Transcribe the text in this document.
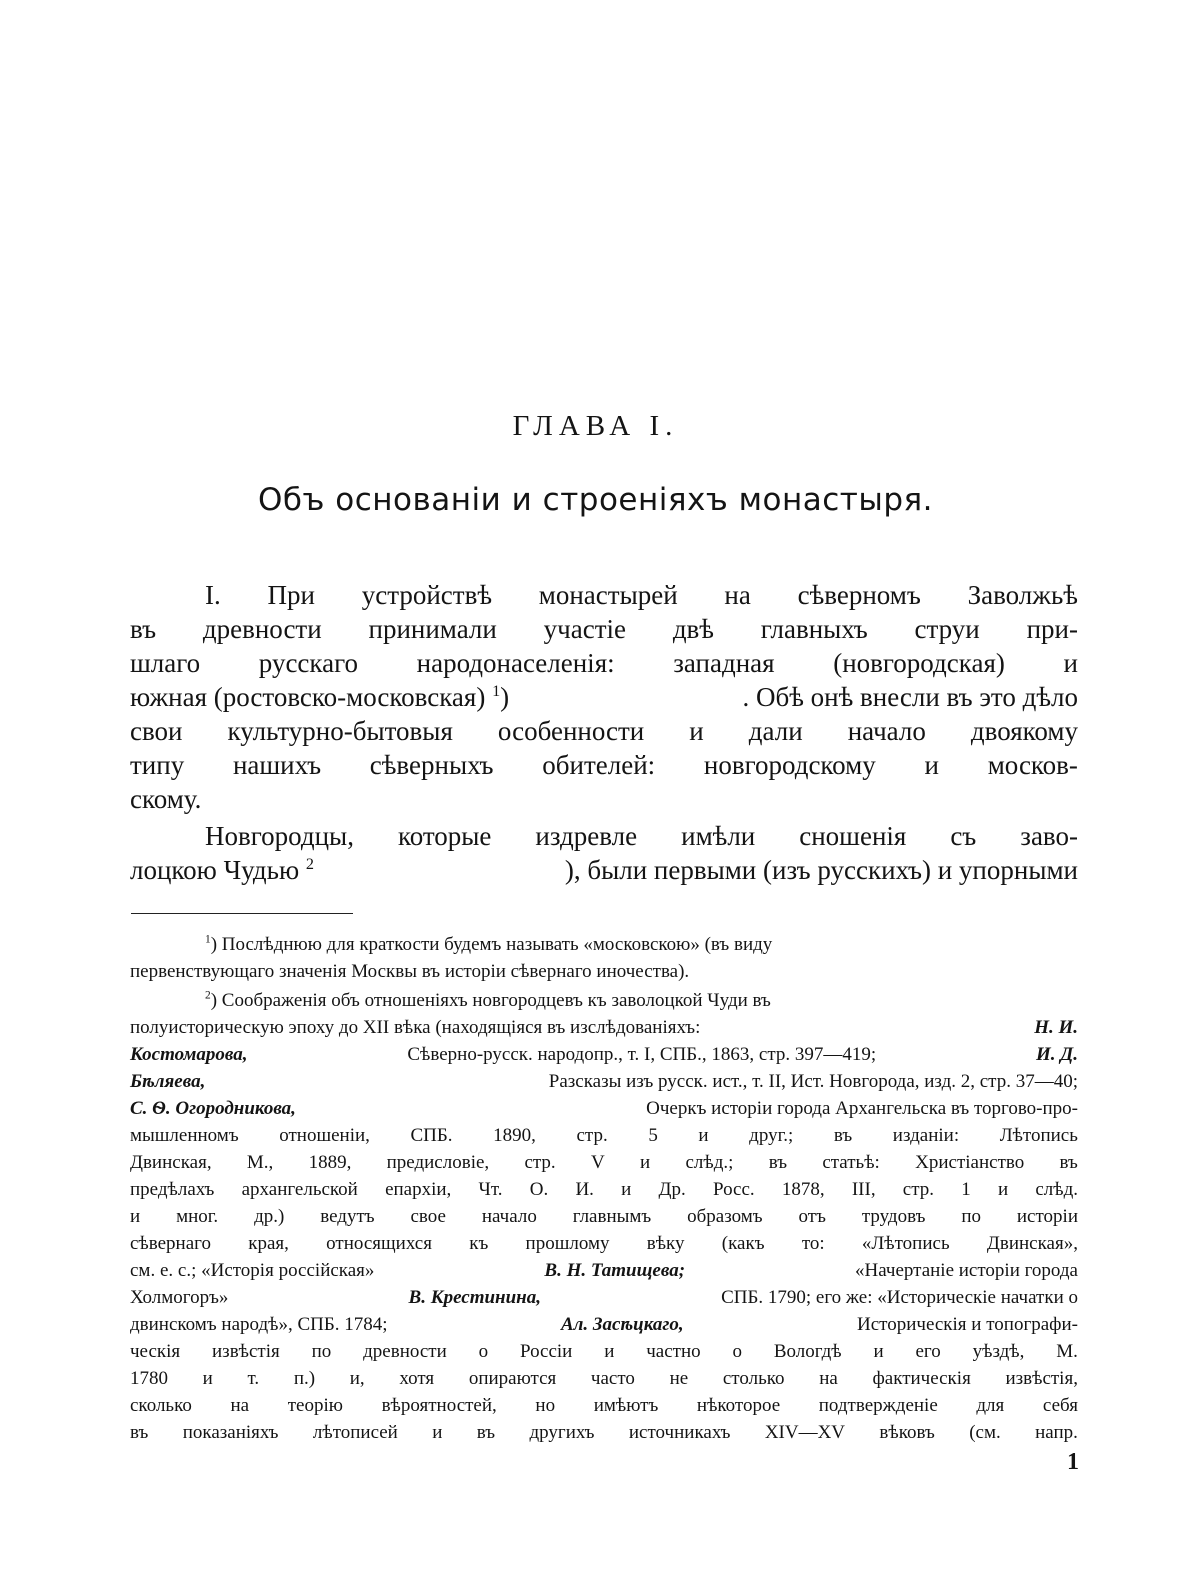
ГЛАВА І.
Объ основаніи и строеніяхъ монастыря.
I. При устройствѣ монастырей на сѣверномъ Заволжьѣ
въ древности принимали участіе двѣ главныхъ струи при-
шлаго русскаго народонаселенія: западная (новгородская) и
южная (ростовско-московская) $^1$)	. Обѣ онѣ внесли въ это дѣло
свои культурно-бытовыя особенности и дали начало двоякому
типу нашихъ сѣверныхъ обителей: новгородскому и москов-
скому.
Новгородцы, которые издревле имѣли сношенія съ заво-
лоцкою Чудью $^2$	), были первыми (изъ русскихъ) и упорными
$^1$) Послѣднюю для краткости будемъ называть «московскою» (въ виду
первенствующаго значенія Москвы въ исторіи сѣвернаго иночества).
$^2$) Соображенія объ отношеніяхъ новгородцевъ къ заволоцкой Чуди въ
полуисторическую эпоху до XII вѣка (находящіяся въ изслѣдованіяхъ:	Н. И.
Костомарова,	Сѣверно-русск. народопр., т. I, СПБ., 1863, стр. 397—419;	И. Д.
Бѣляева,	Разсказы изъ русск. ист., т. II, Ист. Новгорода, изд. 2, стр. 37—40;
С. Ѳ. Огородникова,	Очеркъ исторіи города Архангельска въ торгово-про-
мышленномъ отношеніи, СПБ. 1890, стр. 5 и друг.; въ изданіи: Лѣтопись
Двинская, М., 1889, предисловіе, стр. V и слѣд.; въ статьѣ: Христіанство въ
предѣлахъ архангельской епархіи, Чт. О. И. и Др. Росс. 1878, III, стр. 1 и слѣд.
и мног. др.) ведутъ свое начало главнымъ образомъ отъ трудовъ по исторіи
сѣвернаго края, относящихся къ прошлому вѣку (какъ то: «Лѣтопись Двинская»,
см. е. с.; «Исторія россійская»	В. Н. Татищева;	«Начертаніе исторіи города
Холмогоръ»	В. Крестинина,	СПБ. 1790; его же: «Историческіе начатки о
двинскомъ народѣ», СПБ. 1784;	Ал. Засѣцкаго,	Историческія и топографи-
ческія извѣстія по древности о Россіи и частно о Вологдѣ и его уѣздѣ, М.
1780 и т. п.) и, хотя опираются часто не столько на фактическія извѣстія,
сколько на теорію вѣроятностей, но имѣютъ нѣкоторое подтвержденіе для себя
въ показаніяхъ лѣтописей и въ другихъ источникахъ XIV—XV вѣковъ (см. напр.
1
